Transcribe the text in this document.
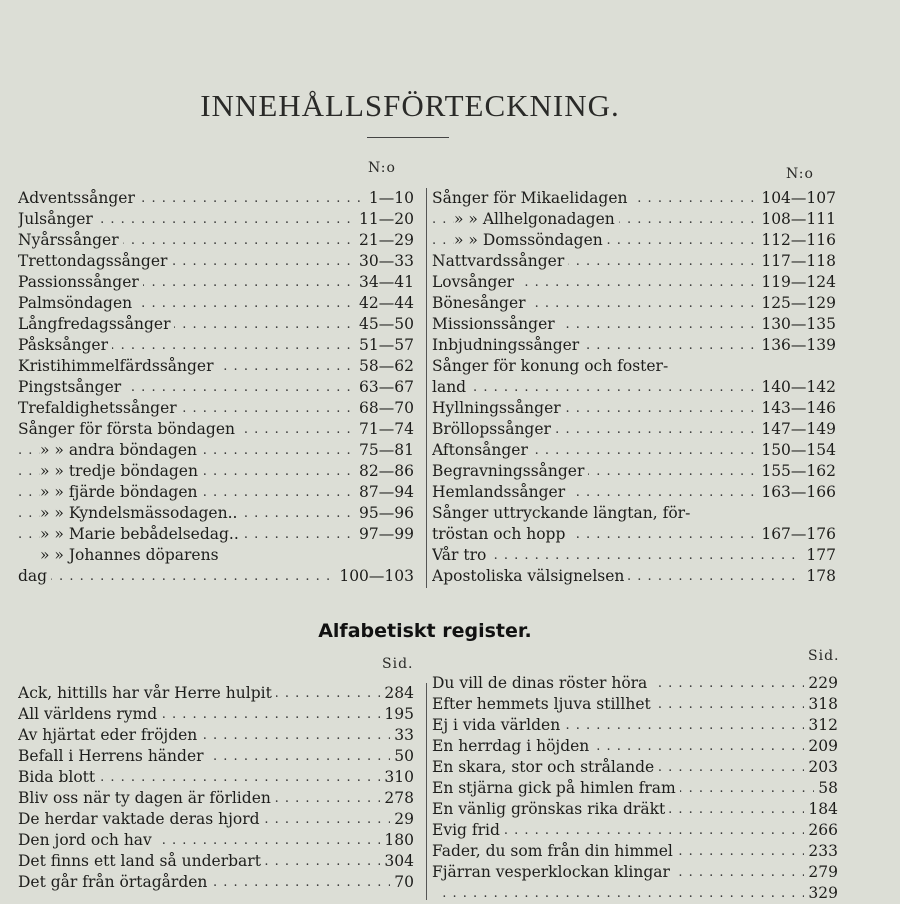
INNEHÅLLSFÖRTECKNING.
N:o	N:o
. . . Adventssånger	1—10
. . . Julsånger	11—20
. . . Nyårssånger	21—29
. . . Trettondagssånger	30—33
. . . Passionssånger	34—41
. . . Palmsöndagen	42—44
. . . Långfredagssånger	45—50
. . . Påsksånger	51—57
. . . Kristihimmelfärdssånger	58—62
. . . Pingstsånger	63—67
. . . Trefaldighetssånger	68—70
. . . Sånger för första böndagen	71—74
. . . » » andra böndagen	75—81
. . . » » tredje böndagen	82—86
. . . » » fjärde böndagen	87—94
. . . » » Kyndelsmässodagen..	95—96
. . . » » Marie bebådelsedag..	97—99
» » Johannes döparens
. . . dag	100—103
. . . Sånger för Mikaelidagen	104—107
. . . » » Allhelgonadagen	108—111
. . . » » Domssöndagen	112—116
. . . Nattvardssånger	117—118
. . . Lovsånger	119—124
. . . Bönesånger	125—129
. . . Missionssånger	130—135
. . . Inbjudningssånger	136—139
Sånger för konung och foster-
. . . land	140—142
. . . Hyllningssånger	143—146
. . . Bröllopssånger	147—149
. . . Aftonsånger	150—154
. . . Begravningssånger	155—162
. . . Hemlandssånger	163—166
Sånger uttryckande längtan, för-
. . . tröstan och hopp	167—176
. . . Vår tro	177
. . . Apostoliska välsignelsen	178
Alfabetiskt register.
Sid.	Sid.
. . . Ack, hittills har vår Herre hulpit	284
. . . All världens rymd	195
. . . Av hjärtat eder fröjden	33
. . . Befall i Herrens händer	50
. . . Bida blott	310
. . . Bliv oss när ty dagen är förliden	278
. . . De herdar vaktade deras hjord	29
. . . Den jord och hav	180
. . . Det finns ett land så underbart	304
. . . Det går från örtagården	70
. . . Du vill de dinas röster höra	229
. . . Efter hemmets ljuva stillhet	318
. . . Ej i vida världen	312
. . . En herrdag i höjden	209
. . . En skara, stor och strålande	203
. . . En stjärna gick på himlen fram	58
. . . En vänlig grönskas rika dräkt	184
. . . Evig frid	266
. . . Fader, du som från din himmel	233
. . . Fjärran vesperklockan klingar	279
. . . 329
